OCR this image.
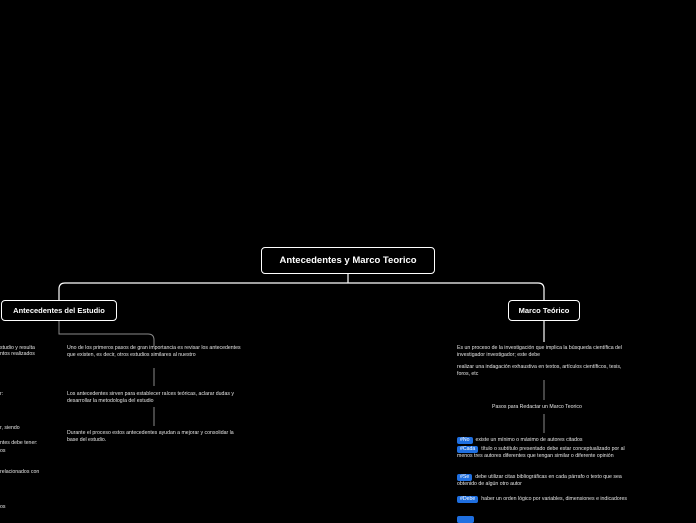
Antecedentes y Marco Teorico
Antecedentes del Estudio	Marco Teórico
studio y resulta
ntos realizados
r:
r, siendo
ntes debe tener:
os
relacionados con
os
Uno de los primeros pasos de gran importancia es revisar los antecedentes que existen, es decir, otros estudios similares al nuestro
Los antecedentes sirven para establecer raíces teóricas, aclarar dudas y desarrollar la metodología del estudio
Durante el proceso estos antecedentes ayudan a mejorar y consolidar la base del estudio.
Es un proceso de la investigación que implica la búsqueda científica del investigador investigador; este debe
realizar una indagación exhaustiva en textos, artículos científicos, tesis, foros, etc
Pasos para Redactar un Marco Teorico
#No existe un mínimo o máximo de autores citados
#Cada título o subtítulo presentado debe estar conceptualizado por al menos tres autores diferentes que tengan similar o diferente opinión
#Se debe utilizar citas bibliográficas en cada párrafo o texto que sea obtenido de algún otro autor
#Debe haber un orden lógico por variables, dimensiones e indicadores
